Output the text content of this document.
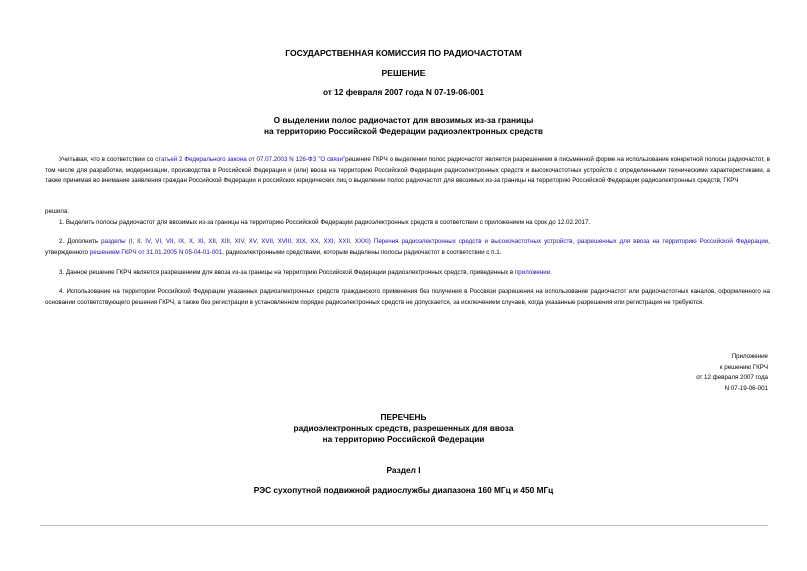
ГОСУДАРСТВЕННАЯ КОМИССИЯ ПО РАДИОЧАСТОТАМ
РЕШЕНИЕ
от 12 февраля 2007 года N 07-19-06-001
О выделении полос радиочастот для ввозимых из-за границы
на территорию Российской Федерации радиоэлектронных средств
Учитывая, что в соответствии со статьей 2 Федерального закона от 07.07.2003 N 126-ФЗ "О связи"решение ГКРЧ о выделении полос радиочастот является разрешением в письменной форме на использование конкретной полосы радиочастот, в том числе для разработки, модернизации, производства в Российской Федерации и (или) ввоза на территорию Российской Федерации радиоэлектронных средств и высокочастотных устройств с определенными техническими характеристиками, а также принимая во внимание заявления граждан Российской Федерации и российских юридических лиц о выделении полос радиочастот для ввозимых из-за границы на территорию Российской Федерации радиоэлектронных средств, ГКРЧ
решила:
1. Выделить полосы радиочастот для ввозимых из-за границы на территорию Российской Федерации радиоэлектронных средств в соответствии с приложением на срок до 12.02.2017.
2. Дополнить разделы (I, II, IV, VI, VII, IX, X, XI, XII, XIII, XIV, XV, XVII, XVIII, XIX, XX, XXI, XXII, XXXI) Перечня радиоэлектронных средств и высокочастотных устройств, разрешенных для ввоза на территорию Российской Федерации, утвержденного решением ГКРЧ от 31.01.2005 N 05-04-01-001, радиоэлектронными средствами, которым выделены полосы радиочастот в соответствии с п.1.
3. Данное решение ГКРЧ является разрешением для ввоза из-за границы на территорию Российской Федерации радиоэлектронных средств, приведенных в приложении.
4. Использование на территории Российской Федерации указанных радиоэлектронных средств гражданского применения без получения в Россвязи разрешения на использование радиочастот или радиочастотных каналов, оформленного на основании соответствующего решения ГКРЧ, а также без регистрации в установленном порядке радиоэлектронных средств не допускается, за исключением случаев, когда указанные разрешения или регистрация не требуются.
Приложение
к решению ГКРЧ
от 12 февраля 2007 года
N 07-19-06-001
ПЕРЕЧЕНЬ
радиоэлектронных средств, разрешенных для ввоза
на территорию Российской Федерации
Раздел I
РЭС сухопутной подвижной радиослужбы диапазона 160 МГц и 450 МГц
